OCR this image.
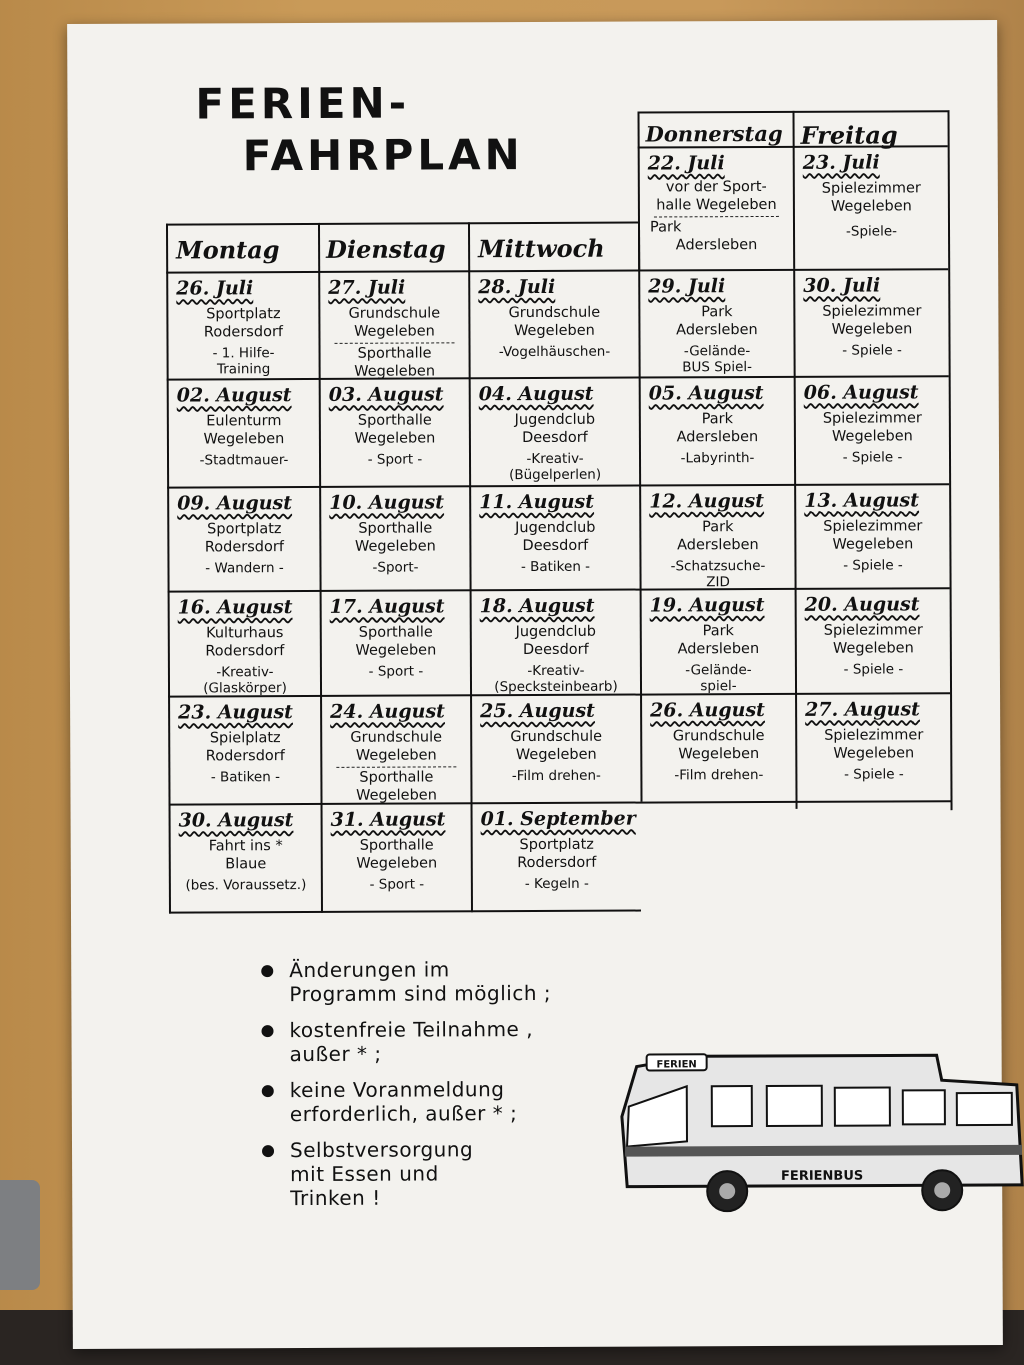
FERIEN-
FAHRPLAN
Montag Dienstag Mittwoch
Donnerstag Freitag
22. Juli
vor der Sport-
halle Wegeleben
Park
Adersleben
23. Juli
Spielezimmer
Wegeleben
-Spiele-
26. Juli
Sportplatz
Rodersdorf
- 1. Hilfe-
Training
27. Juli
Grundschule
Wegeleben
Sporthalle
Wegeleben
28. Juli
Grundschule
Wegeleben
-Vogelhäuschen-
29. Juli
Park
Adersleben
-Gelände-
BUS Spiel-
30. Juli
Spielezimmer
Wegeleben
- Spiele -
02. August
Eulenturm
Wegeleben
-Stadtmauer-
03. August
Sporthalle
Wegeleben
- Sport -
04. August
Jugendclub
Deesdorf
-Kreativ-
(Bügelperlen)
05. August
Park
Adersleben
-Labyrinth-
06. August
Spielezimmer
Wegeleben
- Spiele -
09. August
Sportplatz
Rodersdorf
- Wandern -
10. August
Sporthalle
Wegeleben
-Sport-
11. August
Jugendclub
Deesdorf
- Batiken -
12. August
Park
Adersleben
-Schatzsuche-
ZID
13. August
Spielezimmer
Wegeleben
- Spiele -
16. August
Kulturhaus
Rodersdorf
-Kreativ-
(Glaskörper)
17. August
Sporthalle
Wegeleben
- Sport -
18. August
Jugendclub
Deesdorf
-Kreativ-
(Specksteinbearb)
19. August
Park
Adersleben
-Gelände-
spiel-
20. August
Spielezimmer
Wegeleben
- Spiele -
23. August
Spielplatz
Rodersdorf
- Batiken -
24. August
Grundschule
Wegeleben
Sporthalle
Wegeleben
25. August
Grundschule
Wegeleben
-Film drehen-
26. August
Grundschule
Wegeleben
-Film drehen-
27. August
Spielezimmer
Wegeleben
- Spiele -
30. August
Fahrt ins *
Blaue
(bes. Voraussetz.)
31. August
Sporthalle
Wegeleben
- Sport -
01. September
Sportplatz
Rodersdorf
- Kegeln -
Änderungen im
Programm sind möglich ;
kostenfreie Teilnahme ,
außer * ;
keine Voranmeldung
erforderlich, außer * ;
Selbstversorgung
mit Essen und
Trinken !
FERIEN
FERIENBUS
